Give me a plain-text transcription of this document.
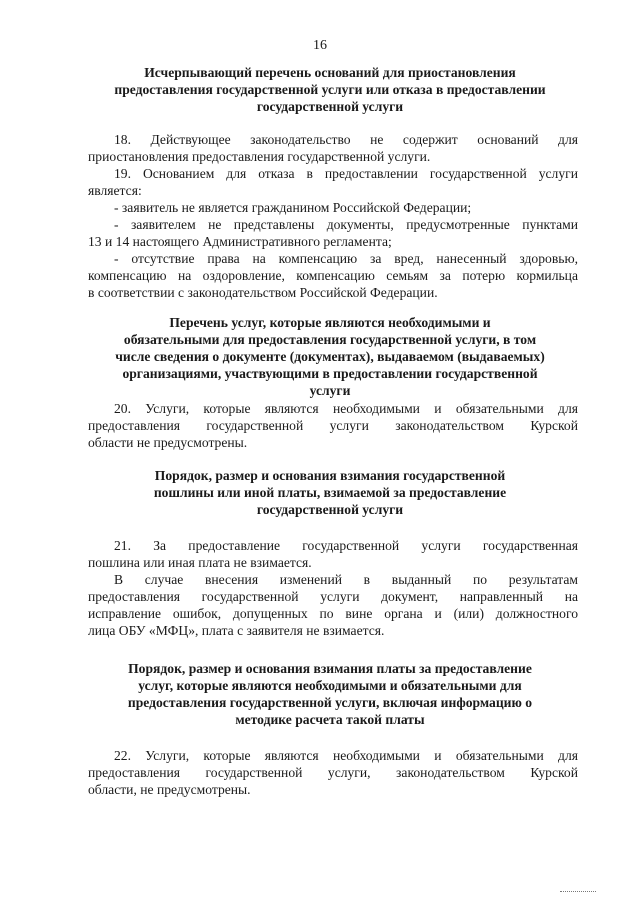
16
Исчерпывающий перечень оснований для приостановления
предоставления государственной услуги или отказа в предоставлении
государственной услуги

18. Действующее законодательство не содержит оснований для
приостановления предоставления государственной услуги.

19. Основанием для отказа в предоставлении государственной услуги
является:

- заявитель не является гражданином Российской Федерации;

- заявителем не представлены документы, предусмотренные пунктами
13 и 14 настоящего Административного регламента;

- отсутствие права на компенсацию за вред, нанесенный здоровью,
компенсацию на оздоровление, компенсацию семьям за потерю кормильца
в соответствии с законодательством Российской Федерации.

Перечень услуг, которые являются необходимыми и
обязательными для предоставления государственной услуги, в том
числе сведения о документе (документах), выдаваемом (выдаваемых)
организациями, участвующими в предоставлении государственной
услуги

20. Услуги, которые являются необходимыми и обязательными для
предоставления государственной услуги законодательством Курской
области не предусмотрены.

Порядок, размер и основания взимания государственной
пошлины или иной платы, взимаемой за предоставление
государственной услуги

21. За предоставление государственной услуги государственная
пошлина или иная плата не взимается.

В случае внесения изменений в выданный по результатам
предоставления государственной услуги документ, направленный на
исправление ошибок, допущенных по вине органа и (или) должностного
лица ОБУ «МФЦ», плата с заявителя не взимается.

Порядок, размер и основания взимания платы за предоставление
услуг, которые являются необходимыми и обязательными для
предоставления государственной услуги, включая информацию о
методике расчета такой платы

22. Услуги, которые являются необходимыми и обязательными для
предоставления государственной услуги, законодательством Курской
области, не предусмотрены.
